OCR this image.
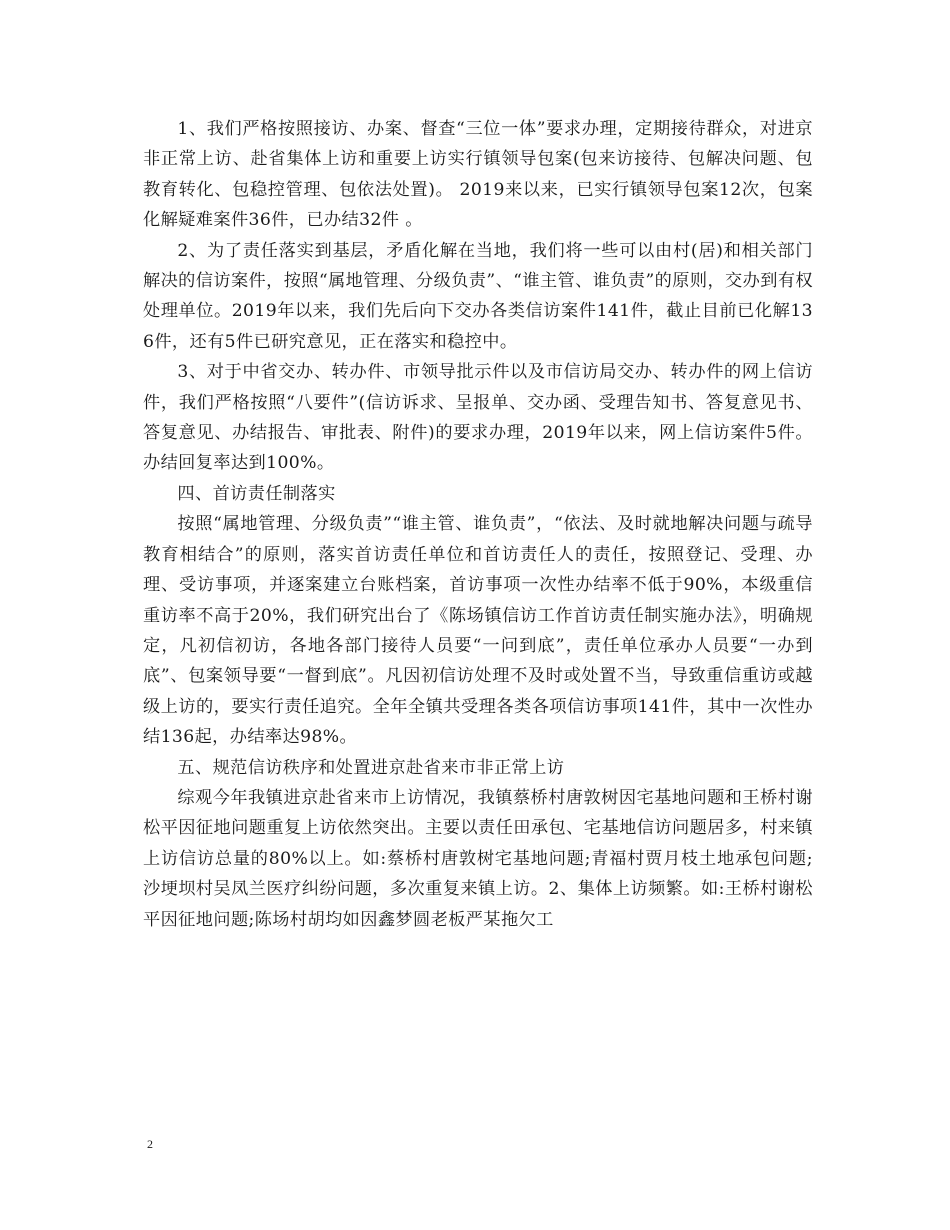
1、我们严格按照接访、办案、督查“三位一体”要求办理，定期接待群众，对进京非正常上访、赴省集体上访和重要上访实行镇领导包案(包来访接待、包解决问题、包教育转化、包稳控管理、包依法处置)。 2019来以来，已实行镇领导包案12次，包案化解疑难案件36件，已办结32件 。

2、为了责任落实到基层，矛盾化解在当地，我们将一些可以由村(居)和相关部门解决的信访案件，按照“属地管理、分级负责”、“谁主管、谁负责”的原则，交办到有权处理单位。2019年以来，我们先后向下交办各类信访案件141件，截止目前已化解136件，还有5件已研究意见，正在落实和稳控中。

3、对于中省交办、转办件、市领导批示件以及市信访局交办、转办件的网上信访件，我们严格按照“八要件”(信访诉求、呈报单、交办函、受理告知书、答复意见书、答复意见、办结报告、审批表、附件)的要求办理，2019年以来，网上信访案件5件。办结回复率达到100%。

四、首访责任制落实

按照“属地管理、分级负责”“谁主管、谁负责”，“依法、及时就地解决问题与疏导教育相结合”的原则，落实首访责任单位和首访责任人的责任，按照登记、受理、办理、受访事项，并逐案建立台账档案，首访事项一次性办结率不低于90%，本级重信重访率不高于20%，我们研究出台了《陈场镇信访工作首访责任制实施办法》，明确规定，凡初信初访，各地各部门接待人员要“一问到底”，责任单位承办人员要“一办到底”、包案领导要“一督到底”。凡因初信访处理不及时或处置不当，导致重信重访或越级上访的，要实行责任追究。全年全镇共受理各类各项信访事项141件，其中一次性办结136起，办结率达98%。

五、规范信访秩序和处置进京赴省来市非正常上访

综观今年我镇进京赴省来市上访情况，我镇蔡桥村唐敦树因宅基地问题和王桥村谢松平因征地问题重复上访依然突出。主要以责任田承包、宅基地信访问题居多，村来镇上访信访总量的80%以上。如:蔡桥村唐敦树宅基地问题;青福村贾月枝土地承包问题;沙埂坝村吴凤兰医疗纠纷问题，多次重复来镇上访。2、集体上访频繁。如:王桥村谢松平因征地问题;陈场村胡均如因鑫梦圆老板严某拖欠工

2
